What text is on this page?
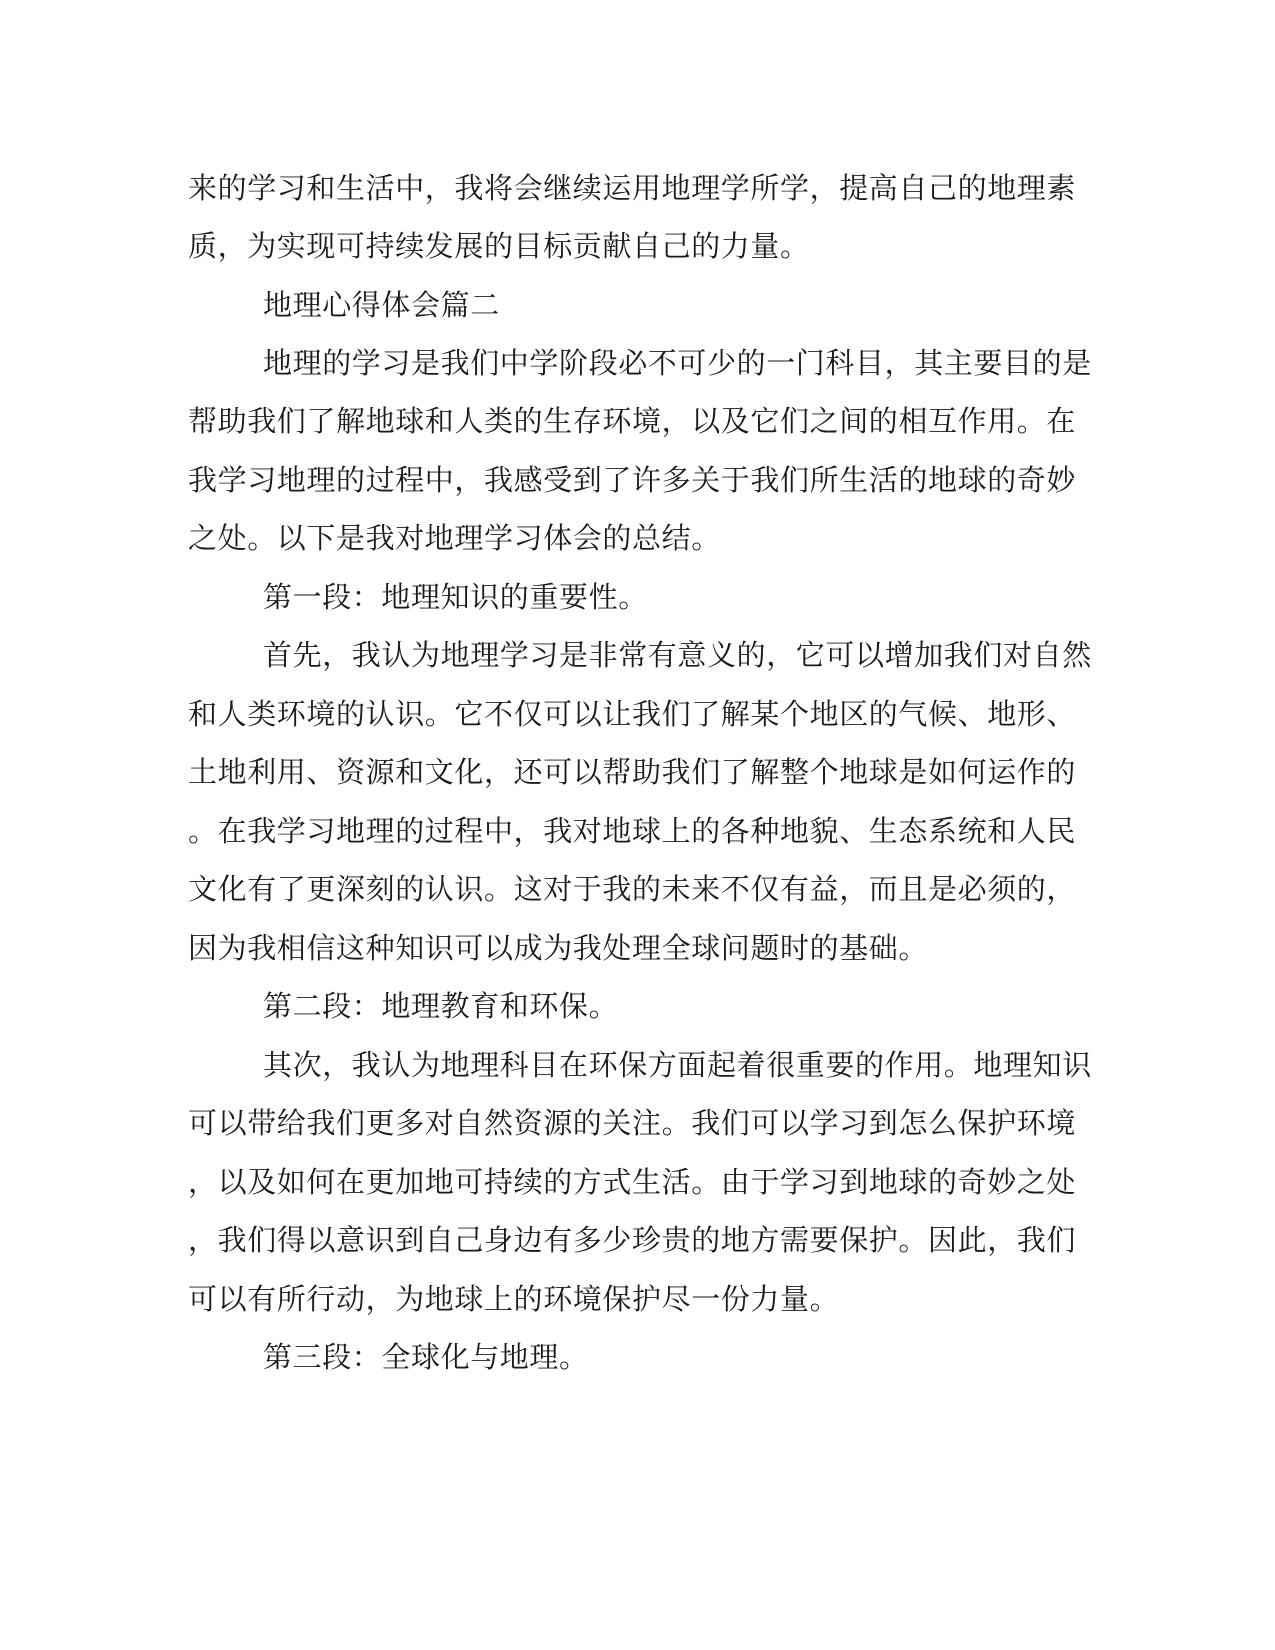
来的学习和生活中，我将会继续运用地理学所学，提高自己的地理素
质，为实现可持续发展的目标贡献自己的力量。
地理心得体会篇二
地理的学习是我们中学阶段必不可少的一门科目，其主要目的是
帮助我们了解地球和人类的生存环境，以及它们之间的相互作用。在
我学习地理的过程中，我感受到了许多关于我们所生活的地球的奇妙
之处。以下是我对地理学习体会的总结。
第一段：地理知识的重要性。
首先，我认为地理学习是非常有意义的，它可以增加我们对自然
和人类环境的认识。它不仅可以让我们了解某个地区的气候、地形、
土地利用、资源和文化，还可以帮助我们了解整个地球是如何运作的
。在我学习地理的过程中，我对地球上的各种地貌、生态系统和人民
文化有了更深刻的认识。这对于我的未来不仅有益，而且是必须的，
因为我相信这种知识可以成为我处理全球问题时的基础。
第二段：地理教育和环保。
其次，我认为地理科目在环保方面起着很重要的作用。地理知识
可以带给我们更多对自然资源的关注。我们可以学习到怎么保护环境
，以及如何在更加地可持续的方式生活。由于学习到地球的奇妙之处
，我们得以意识到自己身边有多少珍贵的地方需要保护。因此，我们
可以有所行动，为地球上的环境保护尽一份力量。
第三段：全球化与地理。
